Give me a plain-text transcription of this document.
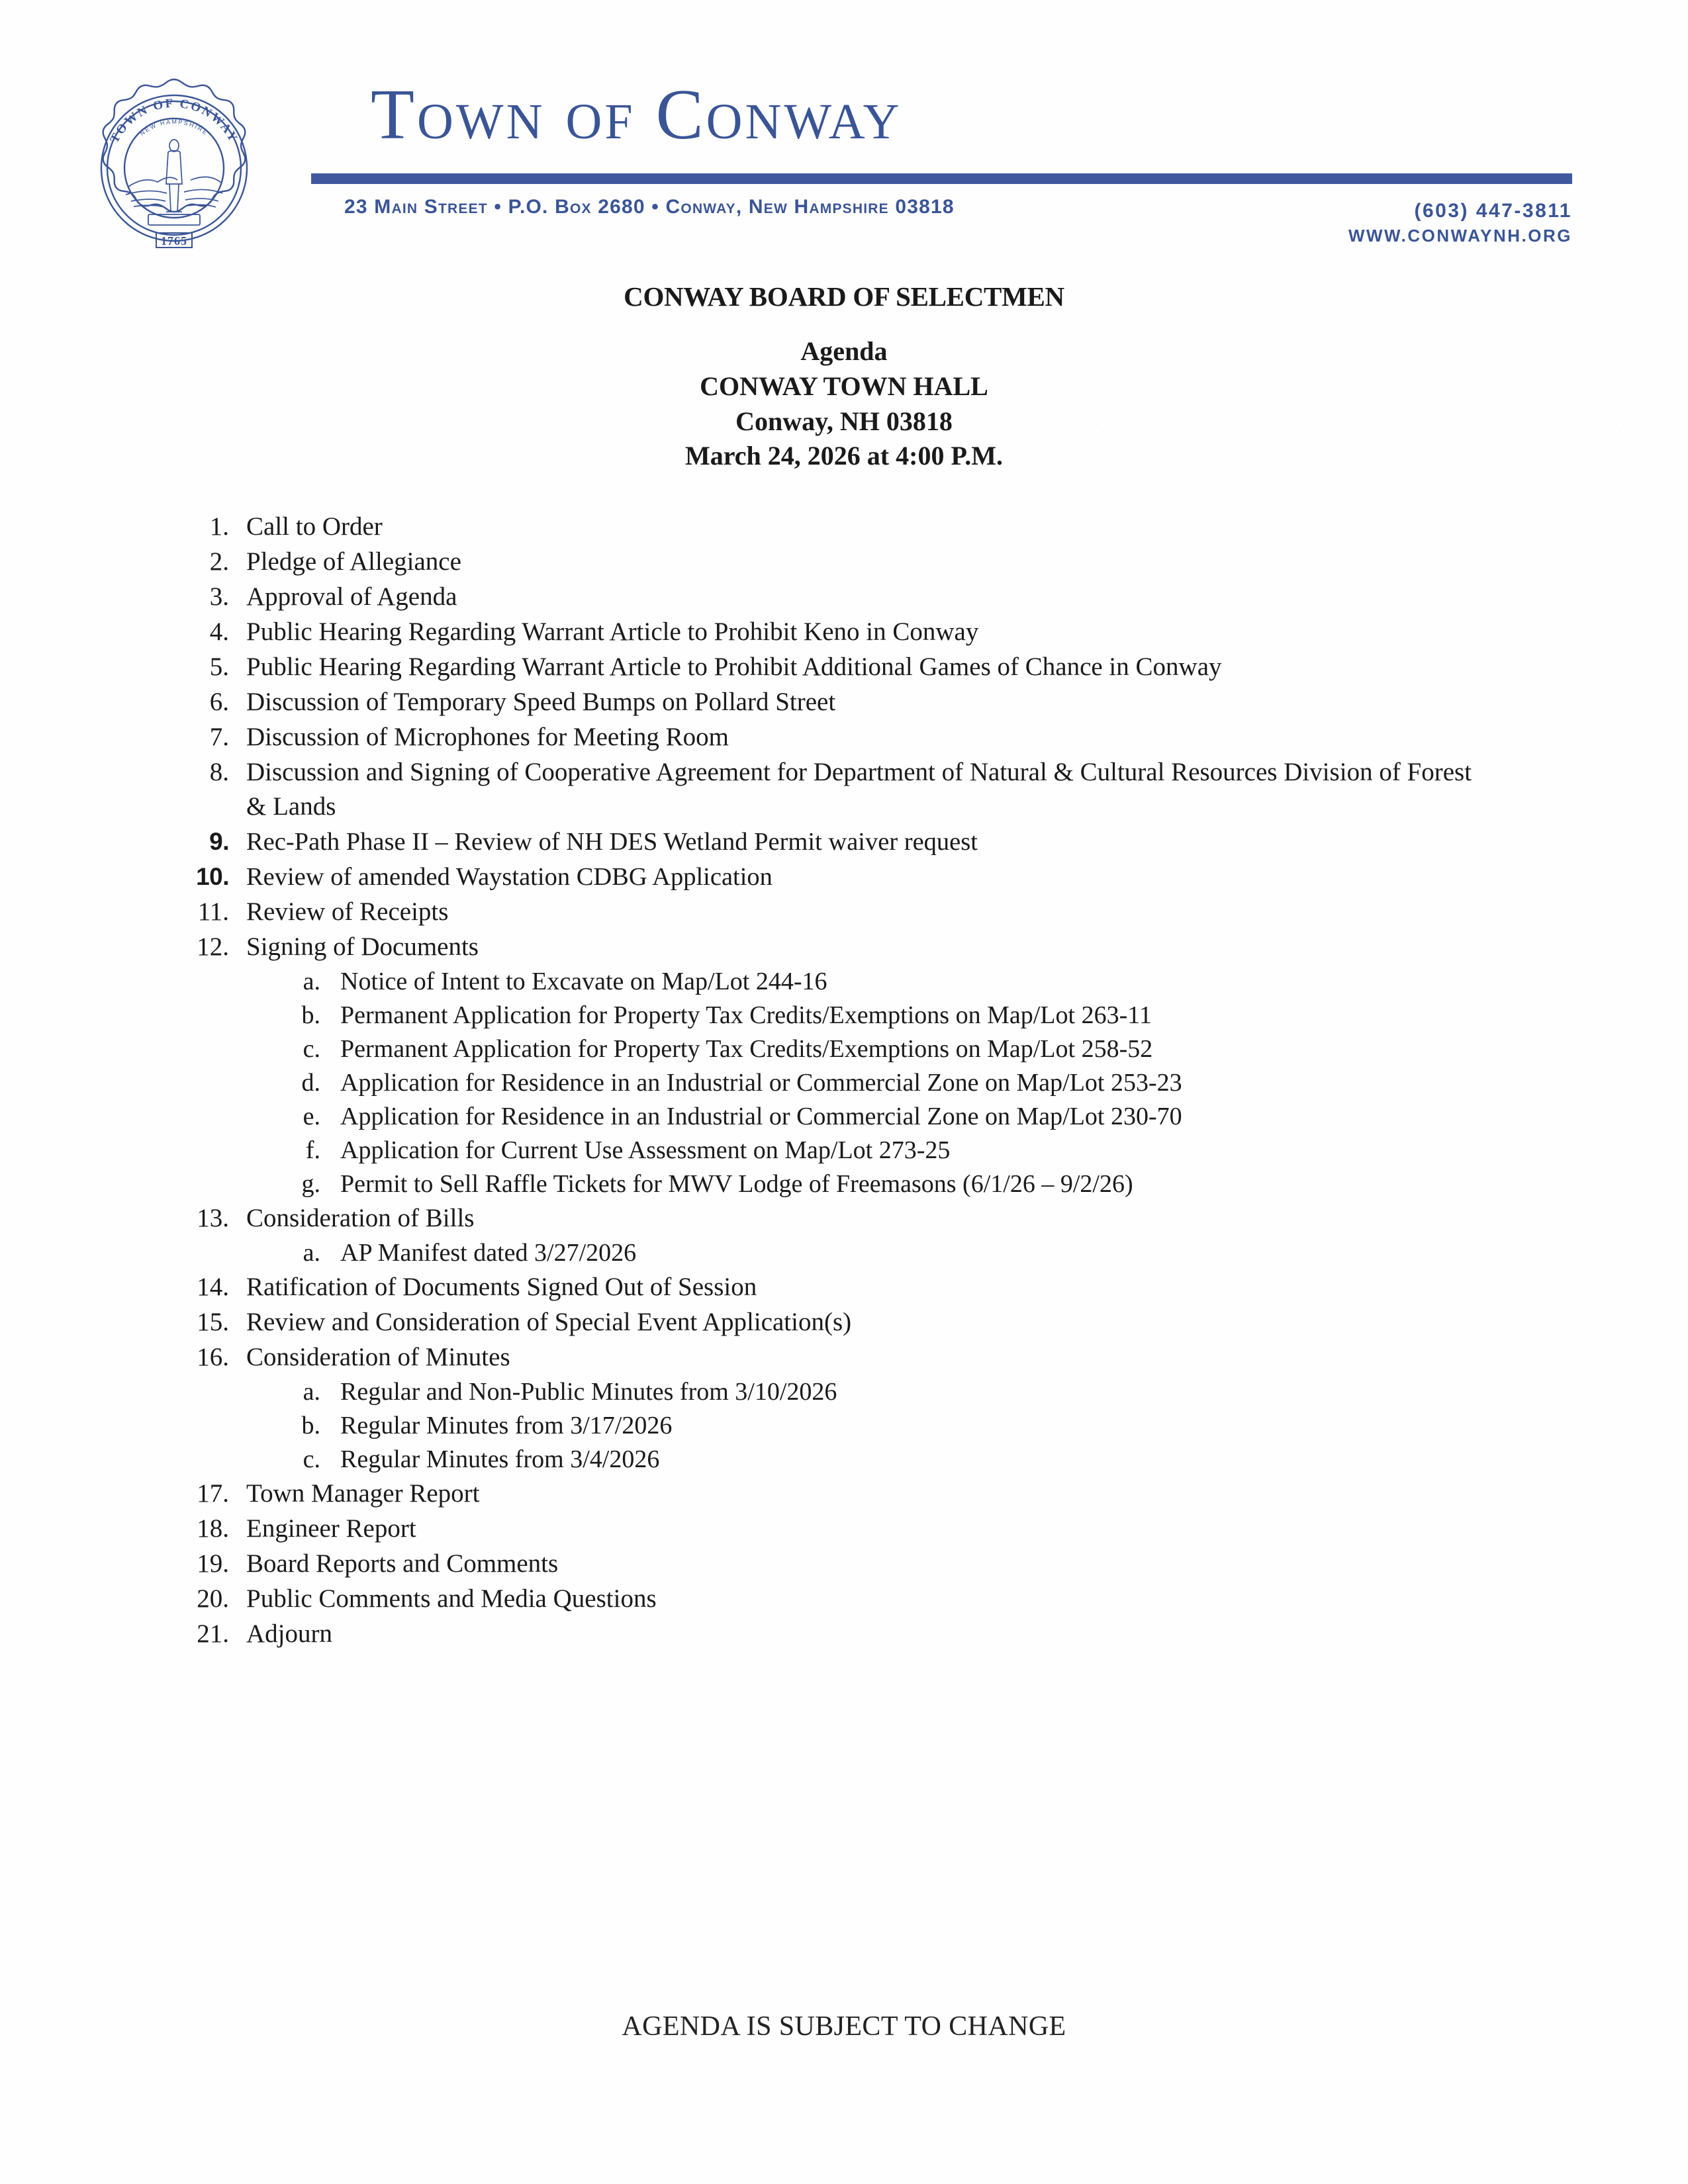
TOWN OF CONWAY
NEW HAMPSHIRE
1765
Town of Conway
23 Main Street • P.O. Box 2680 • Conway, New Hampshire 03818	(603) 447-3811
WWW.CONWAYNH.ORG
CONWAY BOARD OF SELECTMEN
Agenda
CONWAY TOWN HALL
Conway, NH 03818
March 24, 2026 at 4:00 P.M.
1. Call to Order
2. Pledge of Allegiance
3. Approval of Agenda
4. Public Hearing Regarding Warrant Article to Prohibit Keno in Conway
5. Public Hearing Regarding Warrant Article to Prohibit Additional Games of Chance in Conway
6. Discussion of Temporary Speed Bumps on Pollard Street
7. Discussion of Microphones for Meeting Room
8. Discussion and Signing of Cooperative Agreement for Department of Natural & Cultural Resources Division of Forest & Lands
9. Rec-Path Phase II – Review of NH DES Wetland Permit waiver request
10. Review of amended Waystation CDBG Application
11. Review of Receipts
12. Signing of Documents
a. Notice of Intent to Excavate on Map/Lot 244-16
b. Permanent Application for Property Tax Credits/Exemptions on Map/Lot 263-11
c. Permanent Application for Property Tax Credits/Exemptions on Map/Lot 258-52
d. Application for Residence in an Industrial or Commercial Zone on Map/Lot 253-23
e. Application for Residence in an Industrial or Commercial Zone on Map/Lot 230-70
f. Application for Current Use Assessment on Map/Lot 273-25
g. Permit to Sell Raffle Tickets for MWV Lodge of Freemasons (6/1/26 – 9/2/26)
13. Consideration of Bills
a. AP Manifest dated 3/27/2026
14. Ratification of Documents Signed Out of Session
15. Review and Consideration of Special Event Application(s)
16. Consideration of Minutes
a. Regular and Non-Public Minutes from 3/10/2026
b. Regular Minutes from 3/17/2026
c. Regular Minutes from 3/4/2026
17. Town Manager Report
18. Engineer Report
19. Board Reports and Comments
20. Public Comments and Media Questions
21. Adjourn
AGENDA IS SUBJECT TO CHANGE
